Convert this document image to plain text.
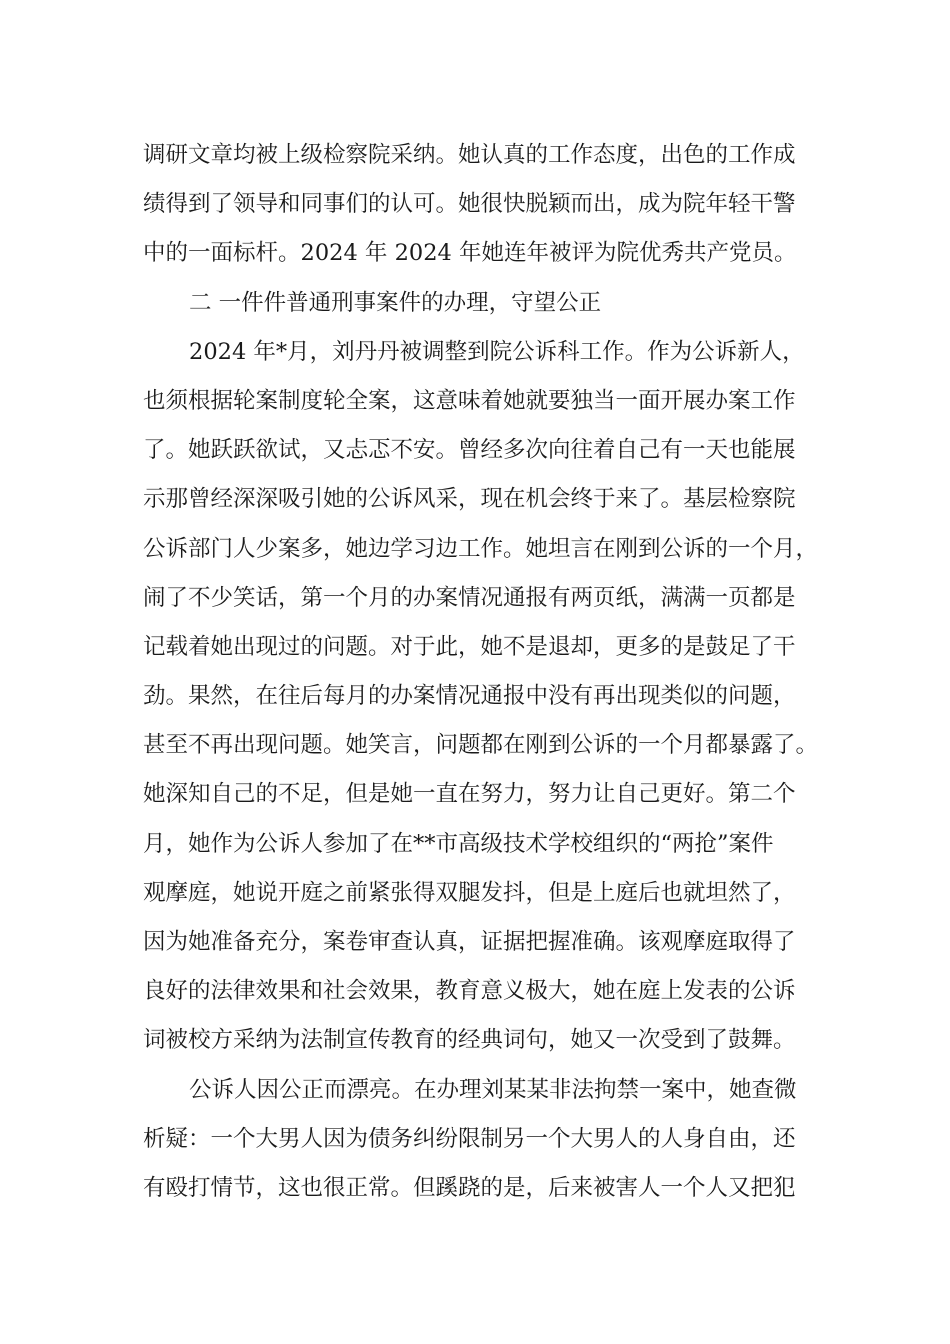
调研文章均被上级检察院采纳。她认真的工作态度，出色的工作成
绩得到了领导和同事们的认可。她很快脱颖而出，成为院年轻干警
中的一面标杆。2024 年 2024 年她连年被评为院优秀共产党员。
二 一件件普通刑事案件的办理，守望公正
2024 年*月，刘丹丹被调整到院公诉科工作。作为公诉新人，
也须根据轮案制度轮全案，这意味着她就要独当一面开展办案工作
了。她跃跃欲试，又忐忑不安。曾经多次向往着自己有一天也能展
示那曾经深深吸引她的公诉风采，现在机会终于来了。基层检察院
公诉部门人少案多，她边学习边工作。她坦言在刚到公诉的一个月，
闹了不少笑话，第一个月的办案情况通报有两页纸，满满一页都是
记载着她出现过的问题。对于此，她不是退却，更多的是鼓足了干
劲。果然，在往后每月的办案情况通报中没有再出现类似的问题，
甚至不再出现问题。她笑言，问题都在刚到公诉的一个月都暴露了。
她深知自己的不足，但是她一直在努力，努力让自己更好。第二个
月，她作为公诉人参加了在**市高级技术学校组织的“两抢”案件
观摩庭，她说开庭之前紧张得双腿发抖，但是上庭后也就坦然了，
因为她准备充分，案卷审查认真，证据把握准确。该观摩庭取得了
良好的法律效果和社会效果，教育意义极大，她在庭上发表的公诉
词被校方采纳为法制宣传教育的经典词句，她又一次受到了鼓舞。
公诉人因公正而漂亮。在办理刘某某非法拘禁一案中，她查微
析疑：一个大男人因为债务纠纷限制另一个大男人的人身自由，还
有殴打情节，这也很正常。但蹊跷的是，后来被害人一个人又把犯
